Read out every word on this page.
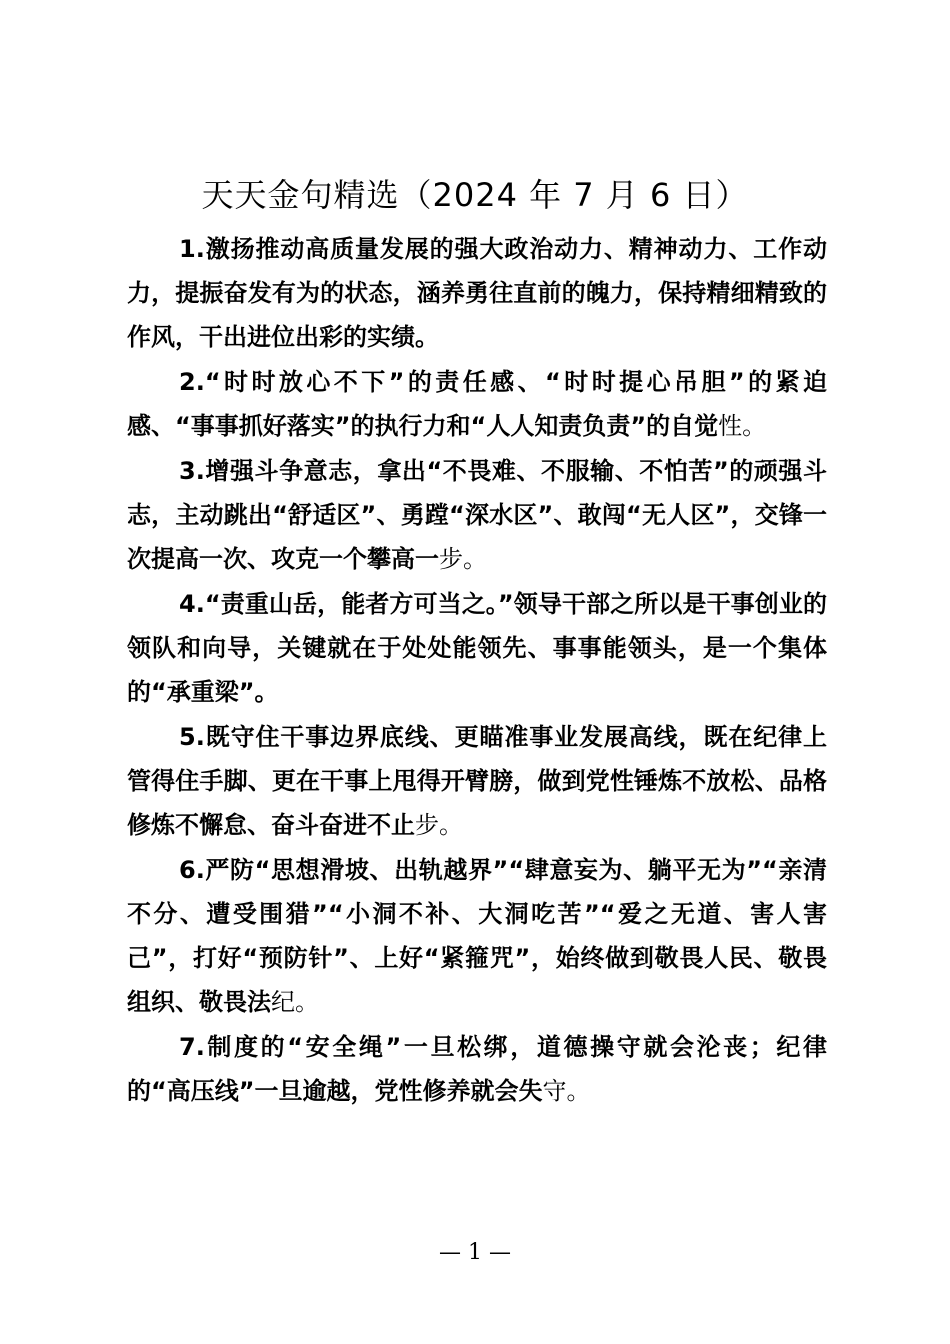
天天金句精选（2024 年 7 月 6 日）

1.激扬推动高质量发展的强大政治动力、精神动力、工作动力，提振奋发有为的状态，涵养勇往直前的魄力，保持精细精致的作风，干出进位出彩的实绩。

2.“时时放心不下”的责任感、“时时提心吊胆”的紧迫感、“事事抓好落实”的执行力和“人人知责负责”的自觉性。

3.增强斗争意志，拿出“不畏难、不服输、不怕苦”的顽强斗志，主动跳出“舒适区”、勇蹚“深水区”、敢闯“无人区”，交锋一次提高一次、攻克一个攀高一步。

4.“责重山岳，能者方可当之。”领导干部之所以是干事创业的领队和向导，关键就在于处处能领先、事事能领头，是一个集体的“承重梁”。

5.既守住干事边界底线、更瞄准事业发展高线，既在纪律上管得住手脚、更在干事上甩得开臂膀，做到党性锤炼不放松、品格修炼不懈怠、奋斗奋进不止步。

6.严防“思想滑坡、出轨越界”“肆意妄为、躺平无为”“亲清不分、遭受围猎”“小洞不补、大洞吃苦”“爱之无道、害人害己”，打好“预防针”、上好“紧箍咒”，始终做到敬畏人民、敬畏组织、敬畏法纪。

7.制度的“安全绳”一旦松绑，道德操守就会沦丧；纪律的“高压线”一旦逾越，党性修养就会失守。

— 1 —
